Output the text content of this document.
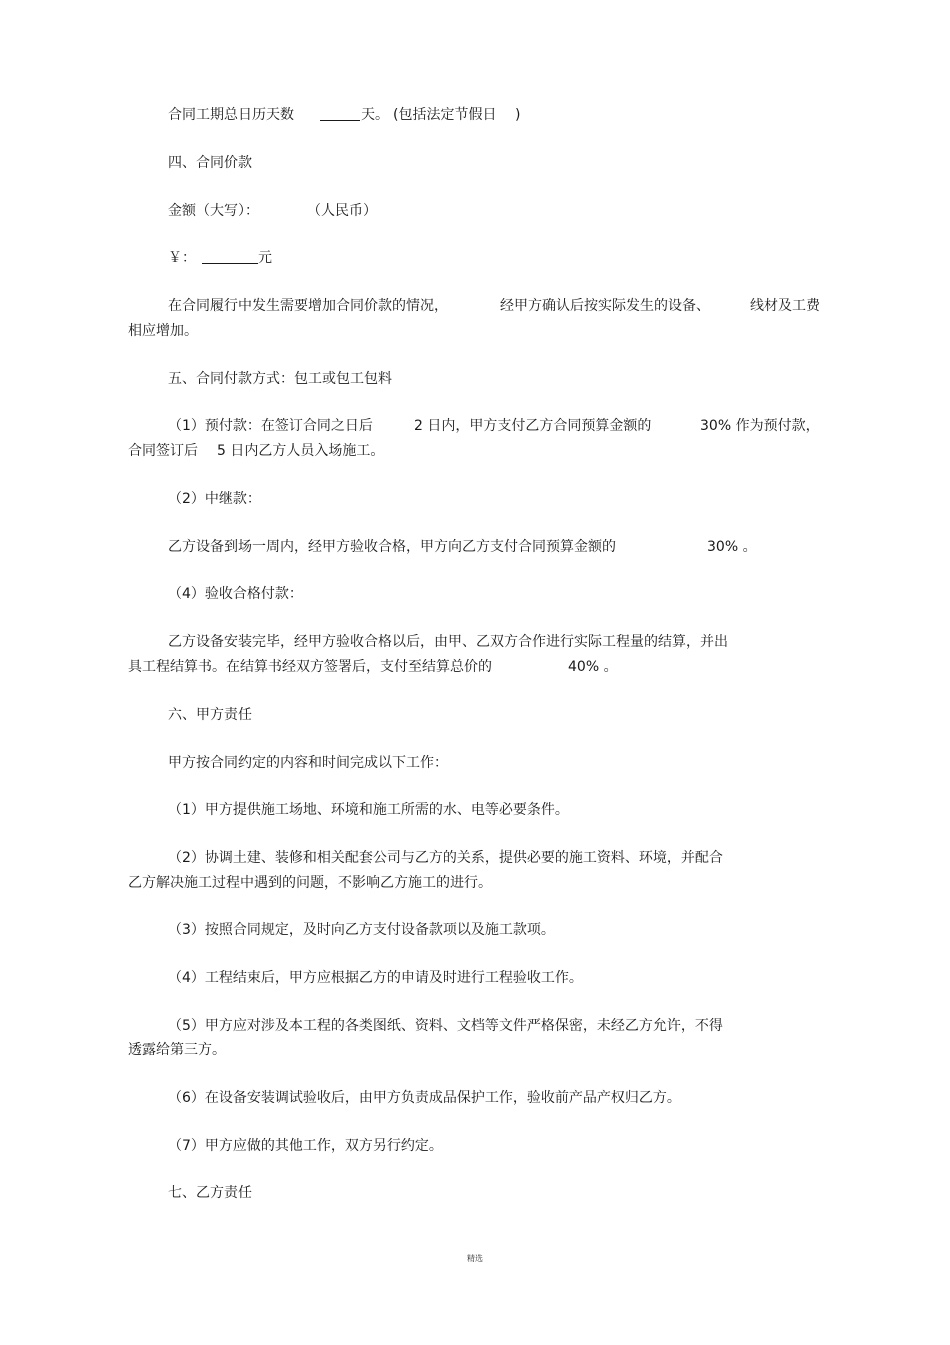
合同工期总日历天数	天。 (包括法定节假日 )
四、合同价款
金额（大写）：	（人民币）
￥：	元
在合同履行中发生需要增加合同价款的情况，	经甲方确认后按实际发生的设备、	线材及工费
相应增加。
五、合同付款方式：包工或包工包料
（1）预付款：在签订合同之日后	2 日内，甲方支付乙方合同预算金额的	30% 作为预付款，
合同签订后 5 日内乙方人员入场施工。
（2）中继款：
乙方设备到场一周内，经甲方验收合格，甲方向乙方支付合同预算金额的	30% 。
（4）验收合格付款：
乙方设备安装完毕，经甲方验收合格以后，由甲、乙双方合作进行实际工程量的结算，并出
具工程结算书。在结算书经双方签署后，支付至结算总价的	40% 。
六、甲方责任
甲方按合同约定的内容和时间完成以下工作：
（1）甲方提供施工场地、环境和施工所需的水、电等必要条件。
（2）协调土建、装修和相关配套公司与乙方的关系，提供必要的施工资料、环境，并配合
乙方解决施工过程中遇到的问题，不影响乙方施工的进行。
（3）按照合同规定，及时向乙方支付设备款项以及施工款项。
（4）工程结束后，甲方应根据乙方的申请及时进行工程验收工作。
（5）甲方应对涉及本工程的各类图纸、资料、文档等文件严格保密，未经乙方允许，不得
透露给第三方。
（6）在设备安装调试验收后，由甲方负责成品保护工作，验收前产品产权归乙方。
（7）甲方应做的其他工作，双方另行约定。
七、乙方责任
精选
